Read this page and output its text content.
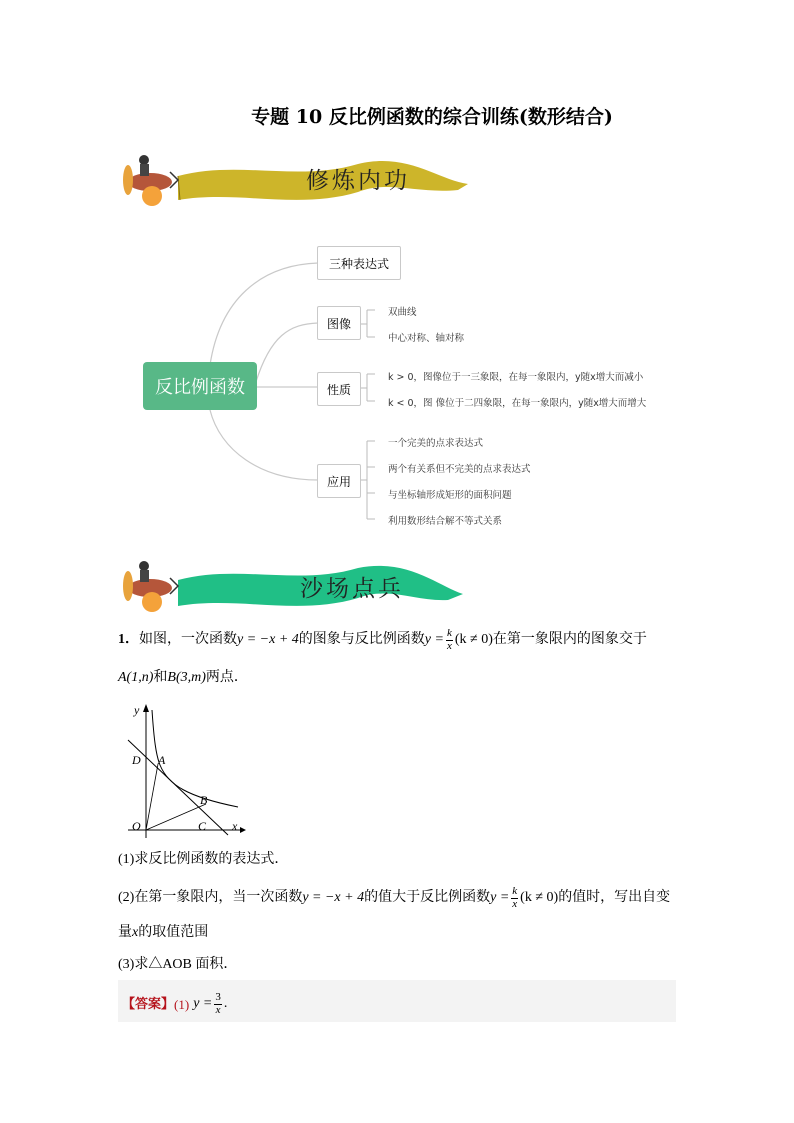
专题 10 反比例函数的综合训练(数形结合)
修炼内功
反比例函数
三种表达式
图像
性质
应用
双曲线
中心对称、轴对称
k > 0，图像位于一三象限，在每一象限内，y随x增大而减小
k < 0，图 像位于二四象限，在每一象限内，y随x增大而增大
一个完美的点求表达式
两个有关系但不完美的点求表达式
与坐标轴形成矩形的面积问题
利用数形结合解不等式关系
沙场点兵
1． 如图，一次函数 y = −x + 4 的图象与反比例函数 $y = \frac{k}{x} (k \ne 0)$ 在第一象限内的图象交于
A(1,n)和B(3,m)两点．
y
x
O
A
B
C
D
(1)求反比例函数的表达式．
(2)在第一象限内，当一次函数 y = −x + 4 的值大于反比例函数 $y = \frac{k}{x} (k \ne 0)$ 的值时，写出自变
量x的取值范围
(3)求△AOB 面积．
【答案】 (1) $y = \frac{3}{x}$ .
